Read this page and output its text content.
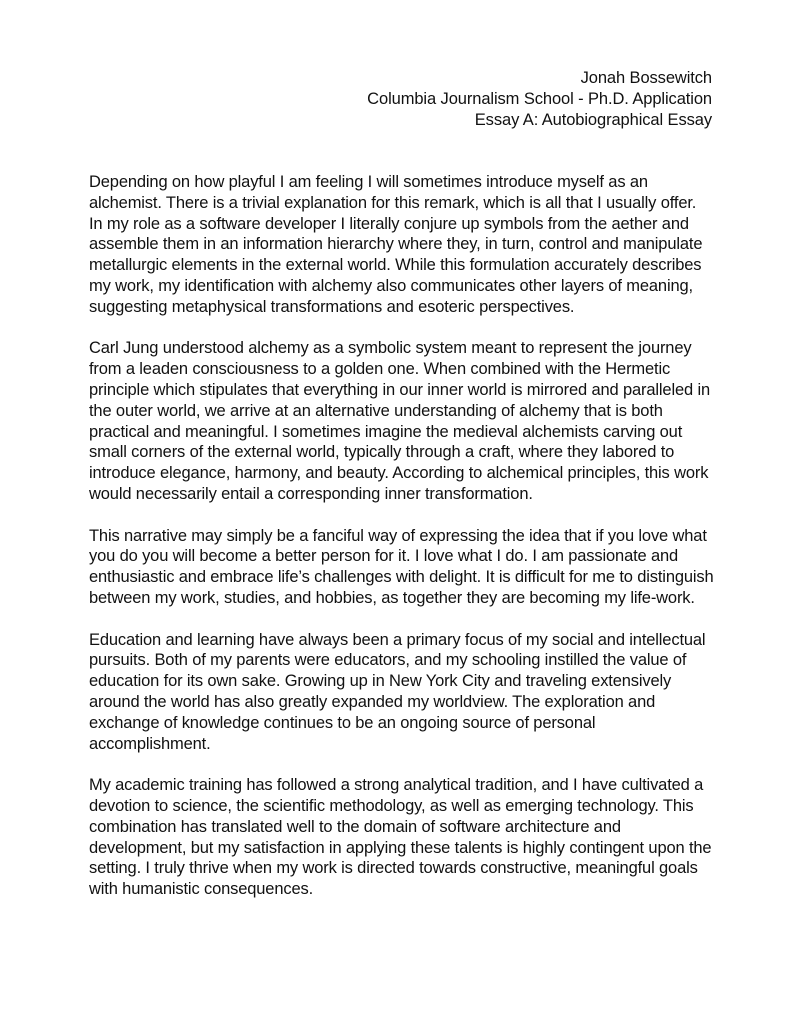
Jonah Bossewitch
Columbia Journalism School - Ph.D. Application
Essay A: Autobiographical Essay

Depending on how playful I am feeling I will sometimes introduce myself as an alchemist. There is a trivial explanation for this remark, which is all that I usually offer. In my role as a software developer I literally conjure up symbols from the aether and assemble them in an information hierarchy where they, in turn, control and manipulate metallurgic elements in the external world. While this formulation accurately describes my work, my identification with alchemy also communicates other layers of meaning, suggesting metaphysical transformations and esoteric perspectives.

Carl Jung understood alchemy as a symbolic system meant to represent the journey from a leaden consciousness to a golden one. When combined with the Hermetic principle which stipulates that everything in our inner world is mirrored and paralleled in the outer world, we arrive at an alternative understanding of alchemy that is both practical and meaningful. I sometimes imagine the medieval alchemists carving out small corners of the external world, typically through a craft, where they labored to introduce elegance, harmony, and beauty. According to alchemical principles, this work would necessarily entail a corresponding inner transformation.

This narrative may simply be a fanciful way of expressing the idea that if you love what you do you will become a better person for it. I love what I do. I am passionate and enthusiastic and embrace life’s challenges with delight. It is difficult for me to distinguish between my work, studies, and hobbies, as together they are becoming my life-work.

Education and learning have always been a primary focus of my social and intellectual pursuits. Both of my parents were educators, and my schooling instilled the value of education for its own sake. Growing up in New York City and traveling extensively around the world has also greatly expanded my worldview. The exploration and exchange of knowledge continues to be an ongoing source of personal accomplishment.

My academic training has followed a strong analytical tradition, and I have cultivated a devotion to science, the scientific methodology, as well as emerging technology. This combination has translated well to the domain of software architecture and development, but my satisfaction in applying these talents is highly contingent upon the setting. I truly thrive when my work is directed towards constructive, meaningful goals with humanistic consequences.
